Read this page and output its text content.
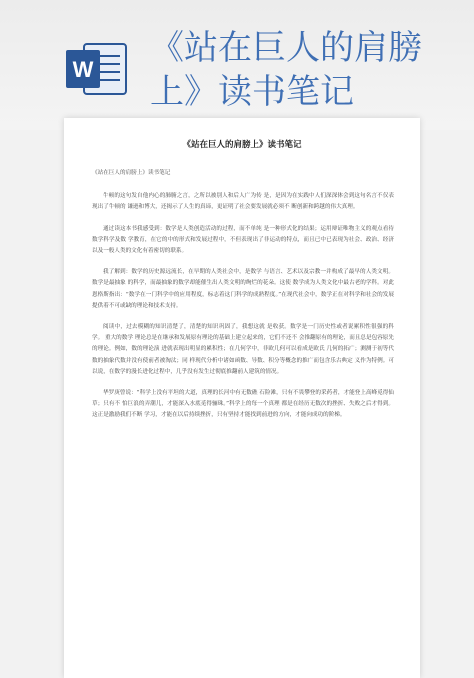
W
《站在巨人的肩膀
上》读书笔记
《站在巨人的肩膀上》读书笔记

《站在巨人的肩膀上》读书笔记

牛顿的这句发自他内心的肺腑之言，之所以被别人和后人广为传 是，是因为在实践中人们深深体会到这句名言不仅表现出了牛顿的 谦逊和博大，还揭示了人生的真谛，更证明了社会要发展就必须不 断创新和跨越的伟大真理。

通过读这本书我感受到：数学是人类创造活动的过程，而不单纯 是一种形式化的结果；运用辩证唯物主义的观点看待数学科学及数 学教育，在它的中的形式和发展过程中，不但表现出了非运动的特点，而且已中已表现为社会、政治、经济以及一般人类的文化有着密切的联系。

我了解到：数学的历史源远流长，在早期的人类社会中，是数学 与语言、艺术以及宗教一并构成了最早的人类文明。数学是最抽象 的科学，而最抽象的数学却能催生出人类文明的绚烂的花朵。这使 数学成为人类文化中最古老的学科。对此恩格斯指出：“数学在一门科学中的应用程度，标志着这门科学的成熟程度。”在现代社会中，数学正在对科学和社会的发展提供着不可或缺的理论和技术支持。

阅读中，过去模糊的知识清楚了，清楚的知识巩固了，我想这就 是收获。数学是一门历史性或者说累积性很强的科学。 重大的数学 理论总是在继承和发展原有理论的基础上建立起来的，它们不还不 会推翻原有的理论，而且总是包容原先的理论。例如，数的理论演 进就表现出明显的累积性；在几何学中，非欧几何可以看成是欧氏 几何的拓广；测测于初等代数的抽象代数并没有使前者被淘汰；同 样现代分析中诸如函数、导数、积分等概念的推广而包含乐古典定 义作为特例。可以说，在数学的漫长进化过程中，几乎没有发生过彻底推翻前人建筑的情况。

华罗庚曾说：“科学上没有平坦的大道，真理的长河中有无数礁 石险滩，只有不畏攀登的采药者，才能登上高峰觅得仙草；只有不 怕巨浪的弄潮儿，才能深入水底觅得骊珠。”科学上的每一个真理 都是在经历无数次的挫折、失败之后才得到。这正是激励我们不断 学习，才能在以后持续挫折，只有坚持才能找到前进的方向，才能向成功的阶梯。
